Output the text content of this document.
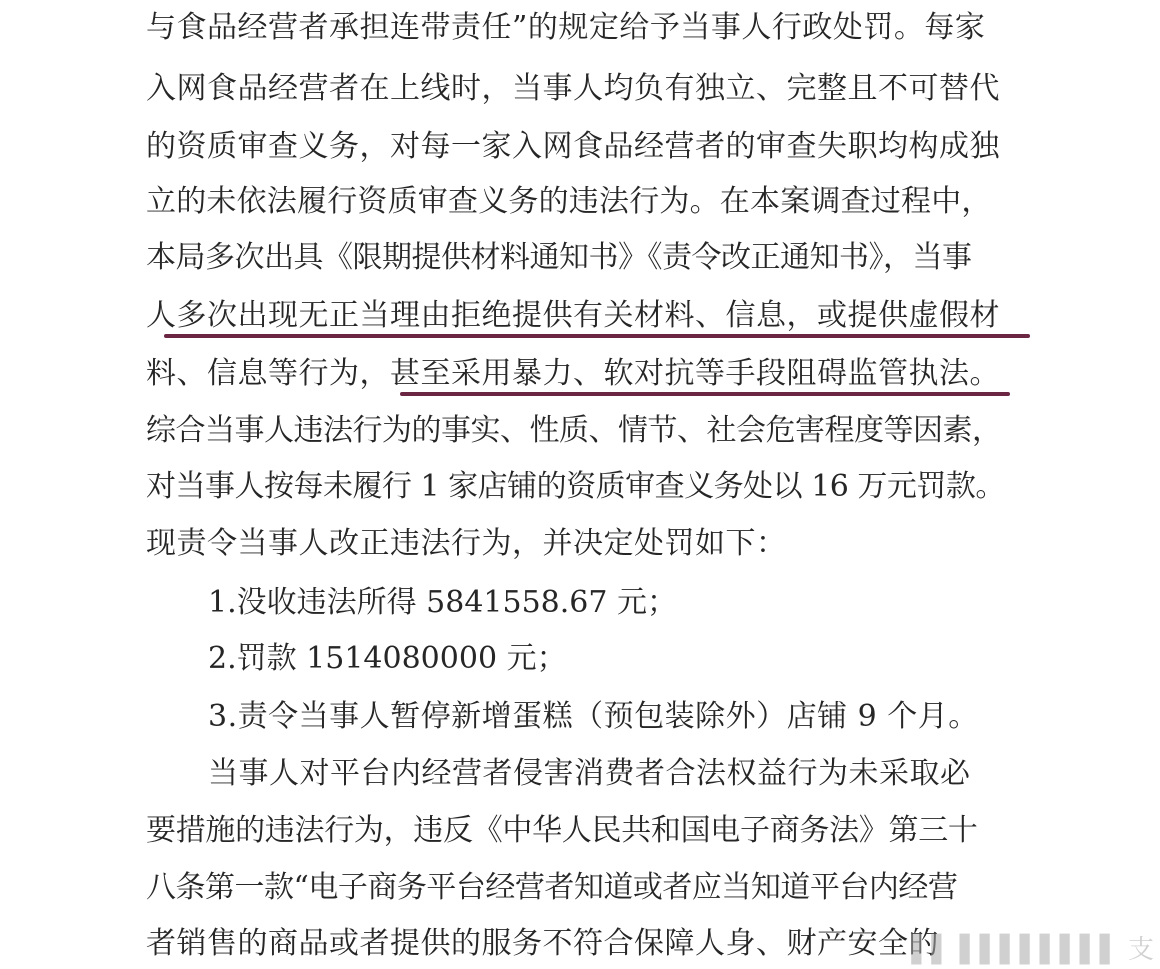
与食品经营者承担连带责任”的规定给予当事人行政处罚。每家
入网食品经营者在上线时，当事人均负有独立、完整且不可替代
的资质审查义务，对每一家入网食品经营者的审查失职均构成独
立的未依法履行资质审查义务的违法行为。在本案调查过程中，
本局多次出具《限期提供材料通知书》《责令改正通知书》，当事
人多次出现无正当理由拒绝提供有关材料、信息，或提供虚假材
料、信息等行为，甚至采用暴力、软对抗等手段阻碍监管执法。
综合当事人违法行为的事实、性质、情节、社会危害程度等因素，
对当事人按每未履行 1 家店铺的资质审查义务处以 16 万元罚款。
现责令当事人改正违法行为，并决定处罚如下：
1.没收违法所得 5841558.67 元；
2.罚款 1514080000 元；
3.责令当事人暂停新增蛋糕（预包装除外）店铺 9 个月。
当事人对平台内经营者侵害消费者合法权益行为未采取必
要措施的违法行为，违反《中华人民共和国电子商务法》第三十
八条第一款“电子商务平台经营者知道或者应当知道平台内经营
者销售的商品或者提供的服务不符合保障人身、财产安全的
▌▌ ▌▌▌▌▌▌▌▌ 支
